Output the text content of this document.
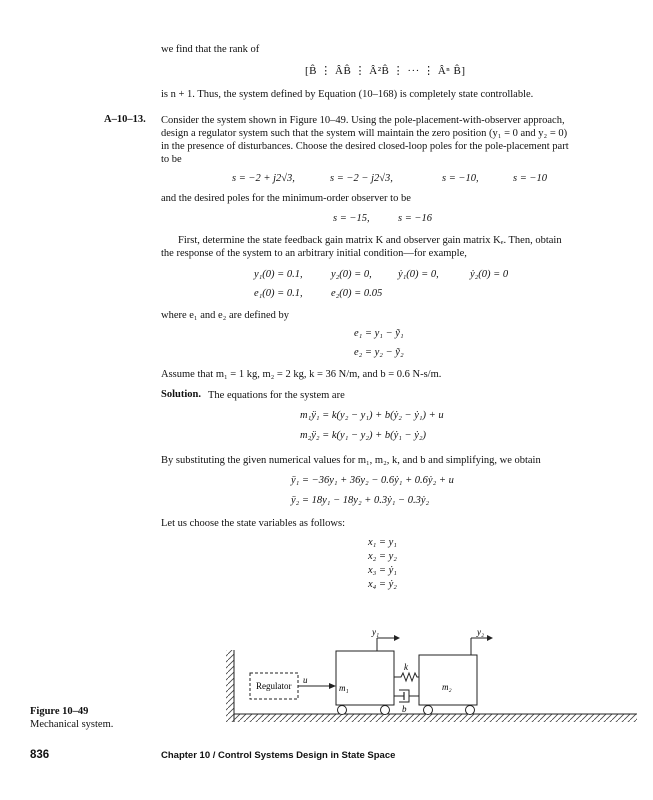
we find that the rank of
[B̂ ⋮ ÂB̂ ⋮ Â²B̂ ⋮ ··· ⋮ Âⁿ B̂]
is n + 1. Thus, the system defined by Equation (10–168) is completely state controllable.
A–10–13. Consider the system shown in Figure 10–49. Using the pole-placement-with-observer approach,
design a regulator system such that the system will maintain the zero position (y₁ = 0 and y₂ = 0)
in the presence of disturbances. Choose the desired closed-loop poles for the pole-placement part
to be
s = −2 + j2√3,	s = −2 − j2√3,	s = −10,	s = −10
and the desired poles for the minimum-order observer to be
s = −15,	s = −16
First, determine the state feedback gain matrix K and observer gain matrix Kₑ. Then, obtain
the response of the system to an arbitrary initial condition—for example,
y₁(0) = 0.1,	y₂(0) = 0, ẏ₁(0) = 0,	ẏ₂(0) = 0
e₁(0) = 0.1,	e₂(0) = 0.05
where e₁ and e₂ are defined by
e₁ = y₁ − ỹ₁
e₂ = y₂ − ỹ₂
Assume that m₁ = 1 kg, m₂ = 2 kg, k = 36 N/m, and b = 0.6 N-s/m.
Solution. The equations for the system are
m₁ÿ₁ = k(y₂ − y₁) + b(ẏ₂ − ẏ₁) + u
m₂ÿ₂ = k(y₁ − y₂) + b(ẏ₁ − ẏ₂)
By substituting the given numerical values for m₁, m₂, k, and b and simplifying, we obtain
ÿ₁ = −36y₁ + 36y₂ − 0.6ẏ₁ + 0.6ẏ₂ + u
ÿ₂ = 18y₁ − 18y₂ + 0.3ẏ₁ − 0.3ẏ₂
Let us choose the state variables as follows:
x₁ = y₁
x₂ = y₂
x₃ = ẏ₁
x₄ = ẏ₂
y₁	y₂
k
b
u
m₁	m₂
Regulator
Figure 10–49
Mechanical system.
836	Chapter 10 / Control Systems Design in State Space
